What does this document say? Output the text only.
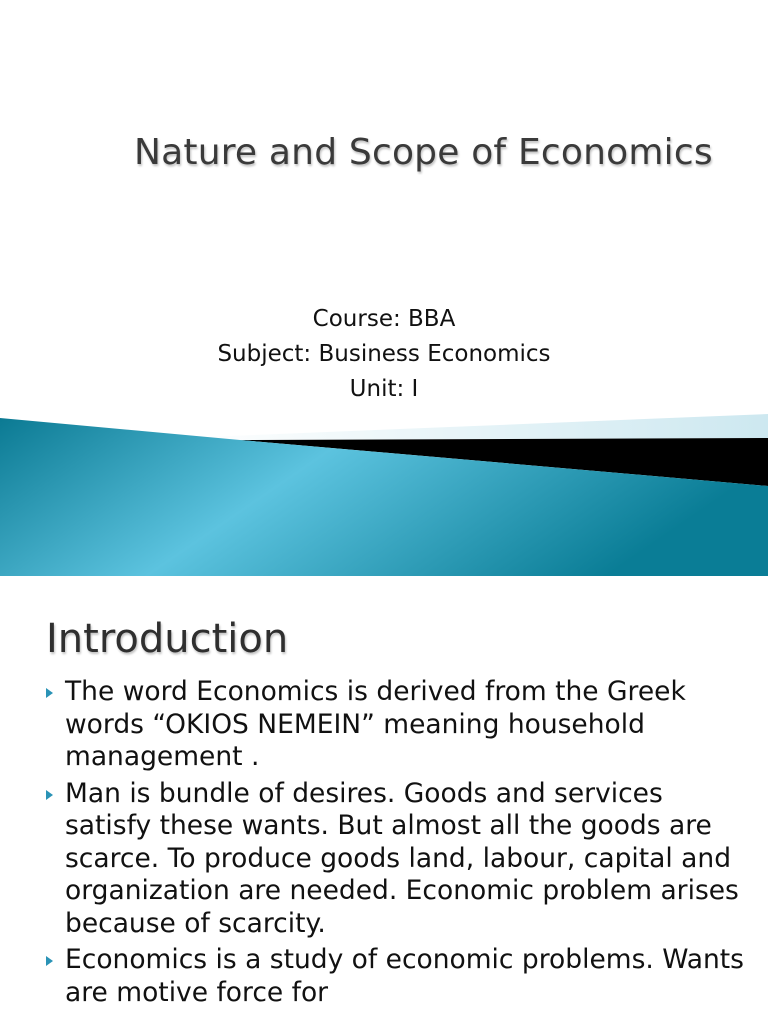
Nature and Scope of Economics
Course: BBA
Subject: Business Economics
Unit: I
Introduction
The word Economics is derived from the Greek words “OKIOS NEMEIN” meaning household management .
Man is bundle of desires. Goods and services satisfy these wants. But almost all the goods are scarce. To produce goods land, labour, capital and organization are needed. Economic problem arises because of scarcity.
Economics is a study of economic problems. Wants are motive force for
